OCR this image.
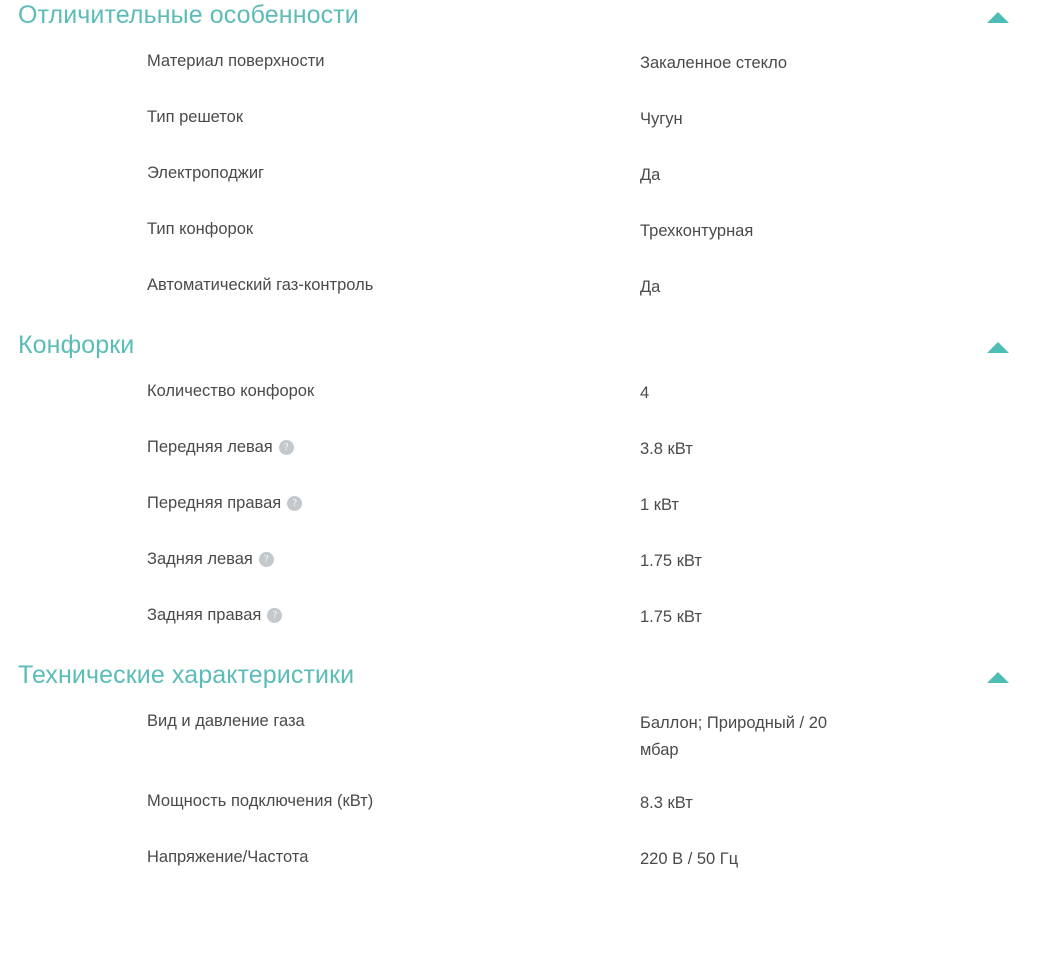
Отличительные особенности
Материал поверхности	Закаленное стекло
Тип решеток	Чугун
Электроподжиг	Да
Тип конфорок	Трехконтурная
Автоматический газ-контроль	Да
Конфорки
Количество конфорок	4
Передняя левая ?	3.8 кВт
Передняя правая ?	1 кВт
Задняя левая ?	1.75 кВт
Задняя правая ?	1.75 кВт
Технические характеристики
Вид и давление газа	Баллон; Природный / 20 мбар
Мощность подключения (кВт)	8.3 кВт
Напряжение/Частота	220 В / 50 Гц
